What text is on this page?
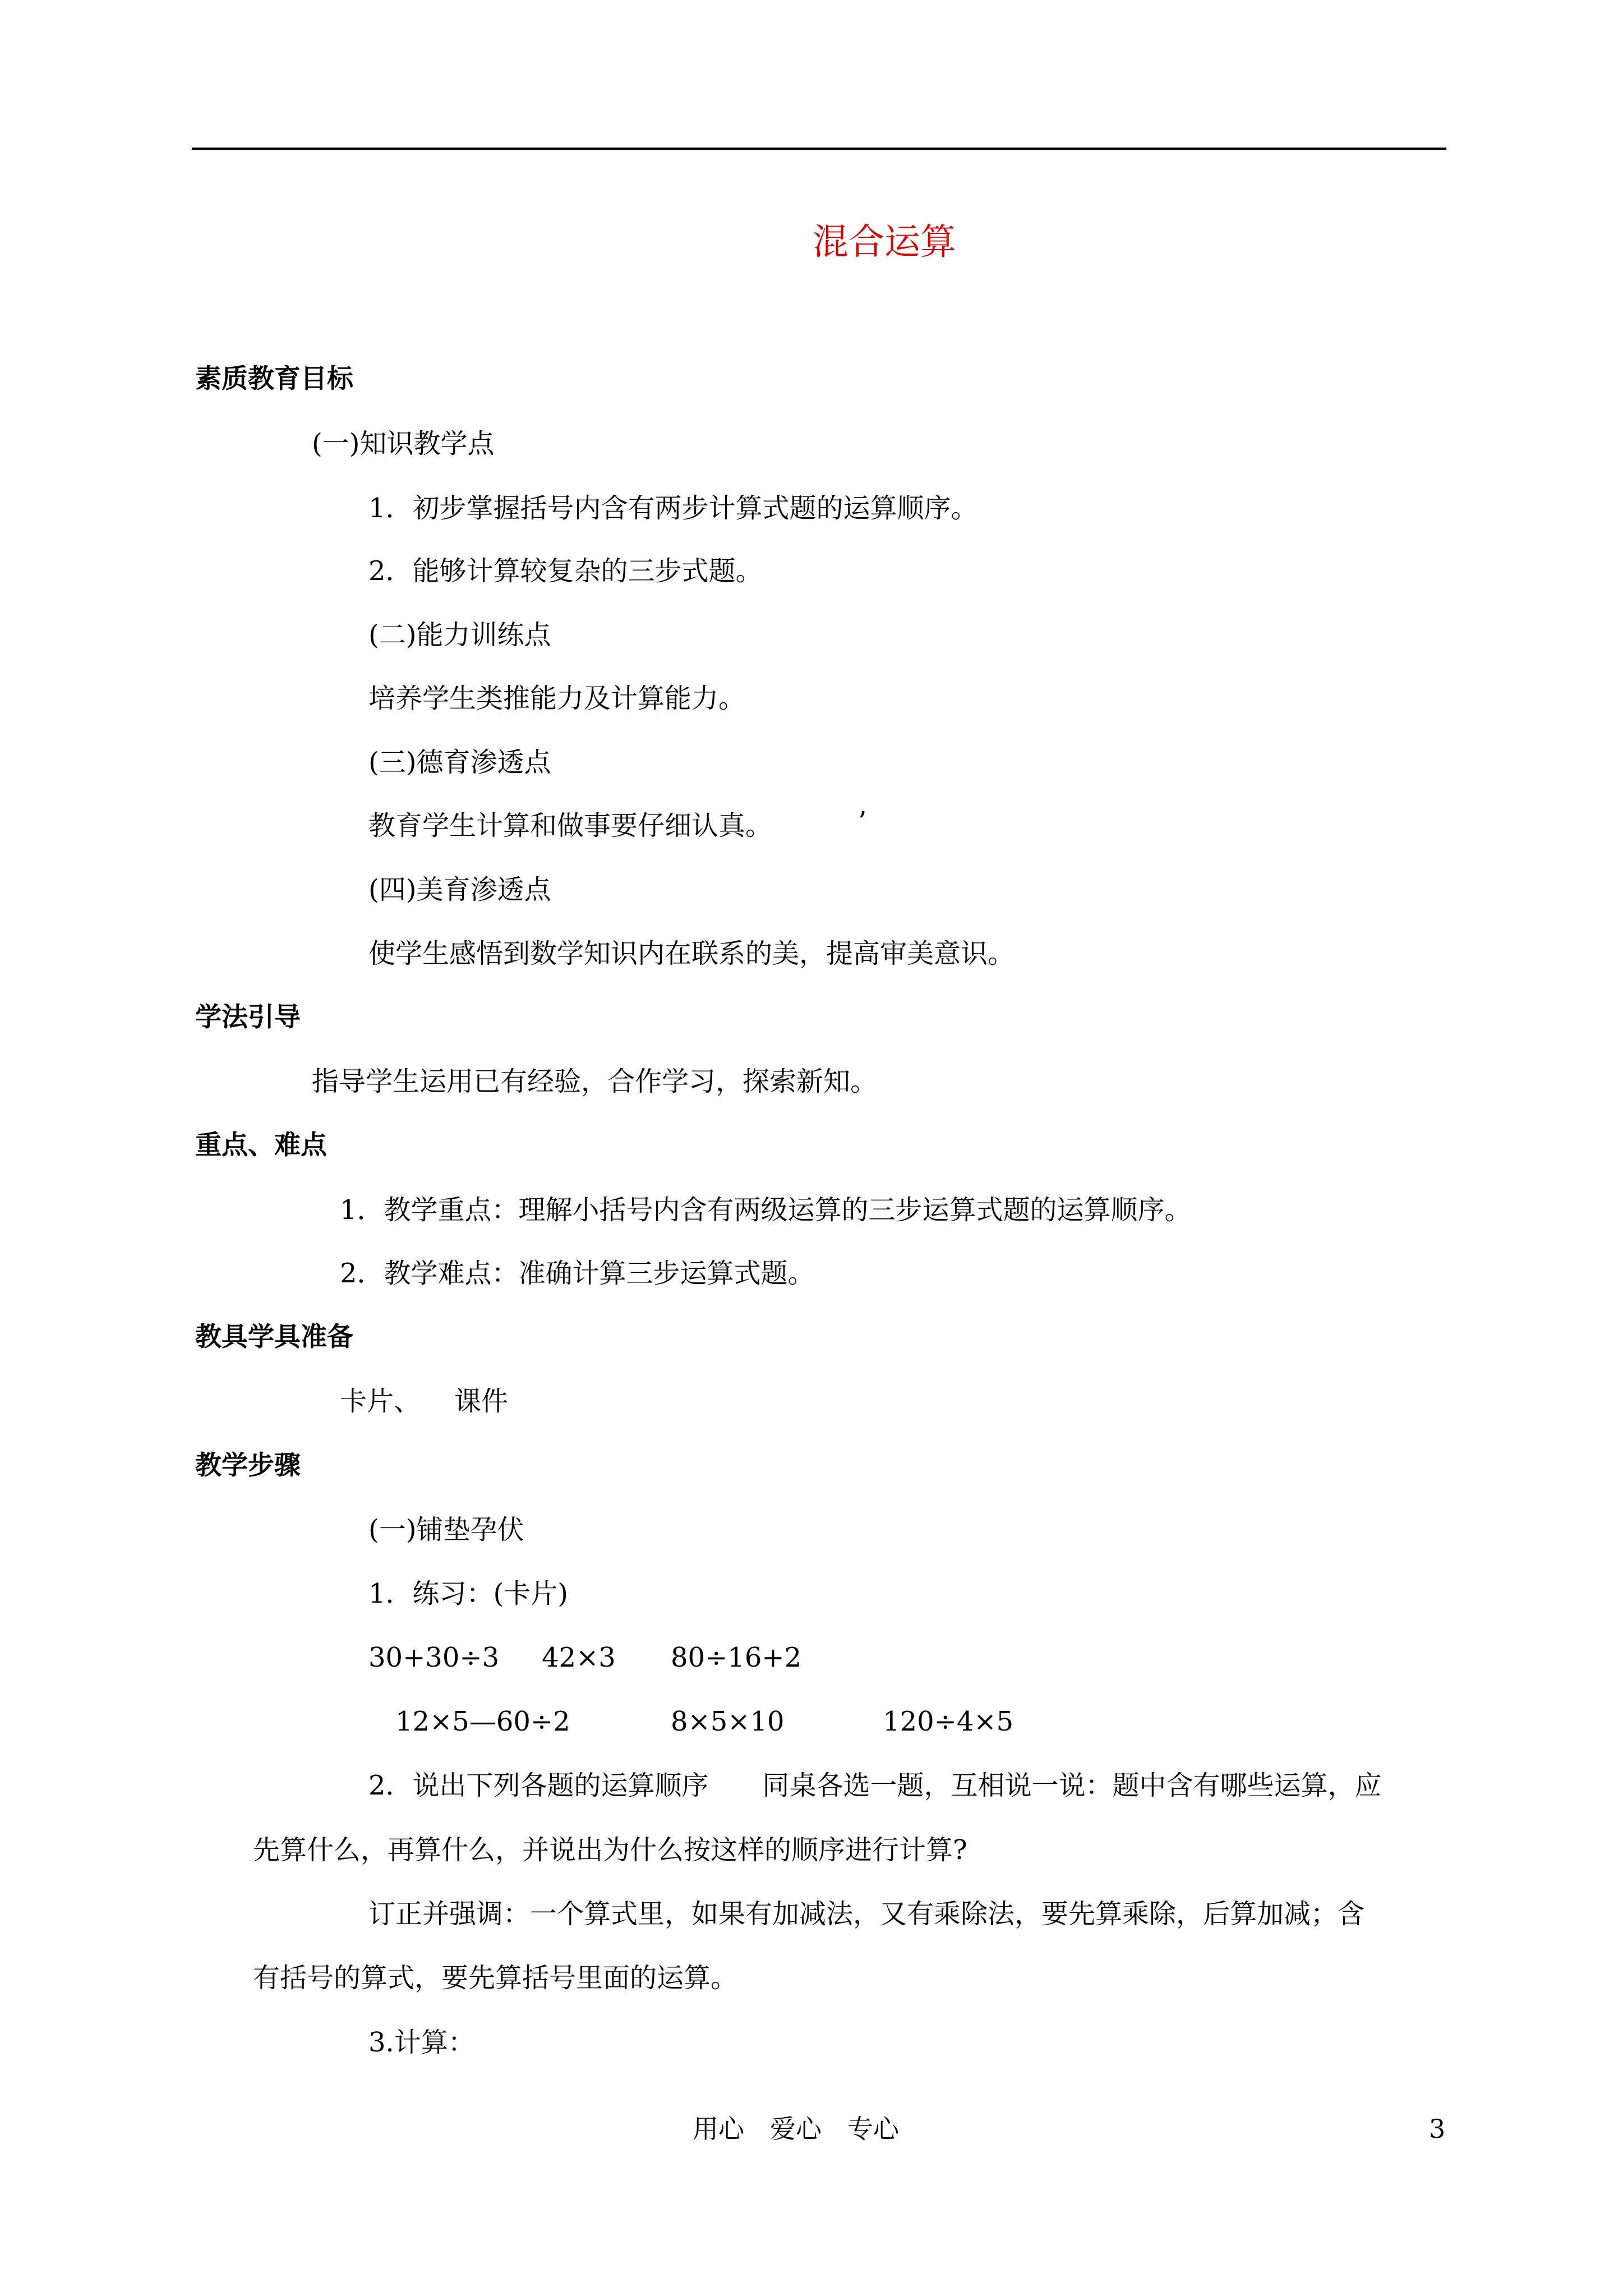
混合运算
素质教育目标
(一)知识教学点
1．初步掌握括号内含有两步计算式题的运算顺序。
2．能够计算较复杂的三步式题。
(二)能力训练点
培养学生类推能力及计算能力。
(三)德育渗透点
教育学生计算和做事要仔细认真。	’
(四)美育渗透点
使学生感悟到数学知识内在联系的美，提高审美意识。
学法引导
指导学生运用已有经验，合作学习，探索新知。
重点、难点
1．教学重点：理解小括号内含有两级运算的三步运算式题的运算顺序。
2．教学难点：准确计算三步运算式题。
教具学具准备
卡片、 课件
教学步骤
(一)铺垫孕伏
1．练习：(卡片)
30+30÷3 42×3 80÷16+2
12×5—60÷2	8×5×10	120÷4×5
2．说出下列各题的运算顺序　　同桌各选一题，互相说一说：题中含有哪些运算，应
先算什么，再算什么，并说出为什么按这样的顺序进行计算?
订正并强调：一个算式里，如果有加减法，又有乘除法，要先算乘除，后算加减；含
有括号的算式，要先算括号里面的运算。
3.计算：
用心　爱心　专心	3
